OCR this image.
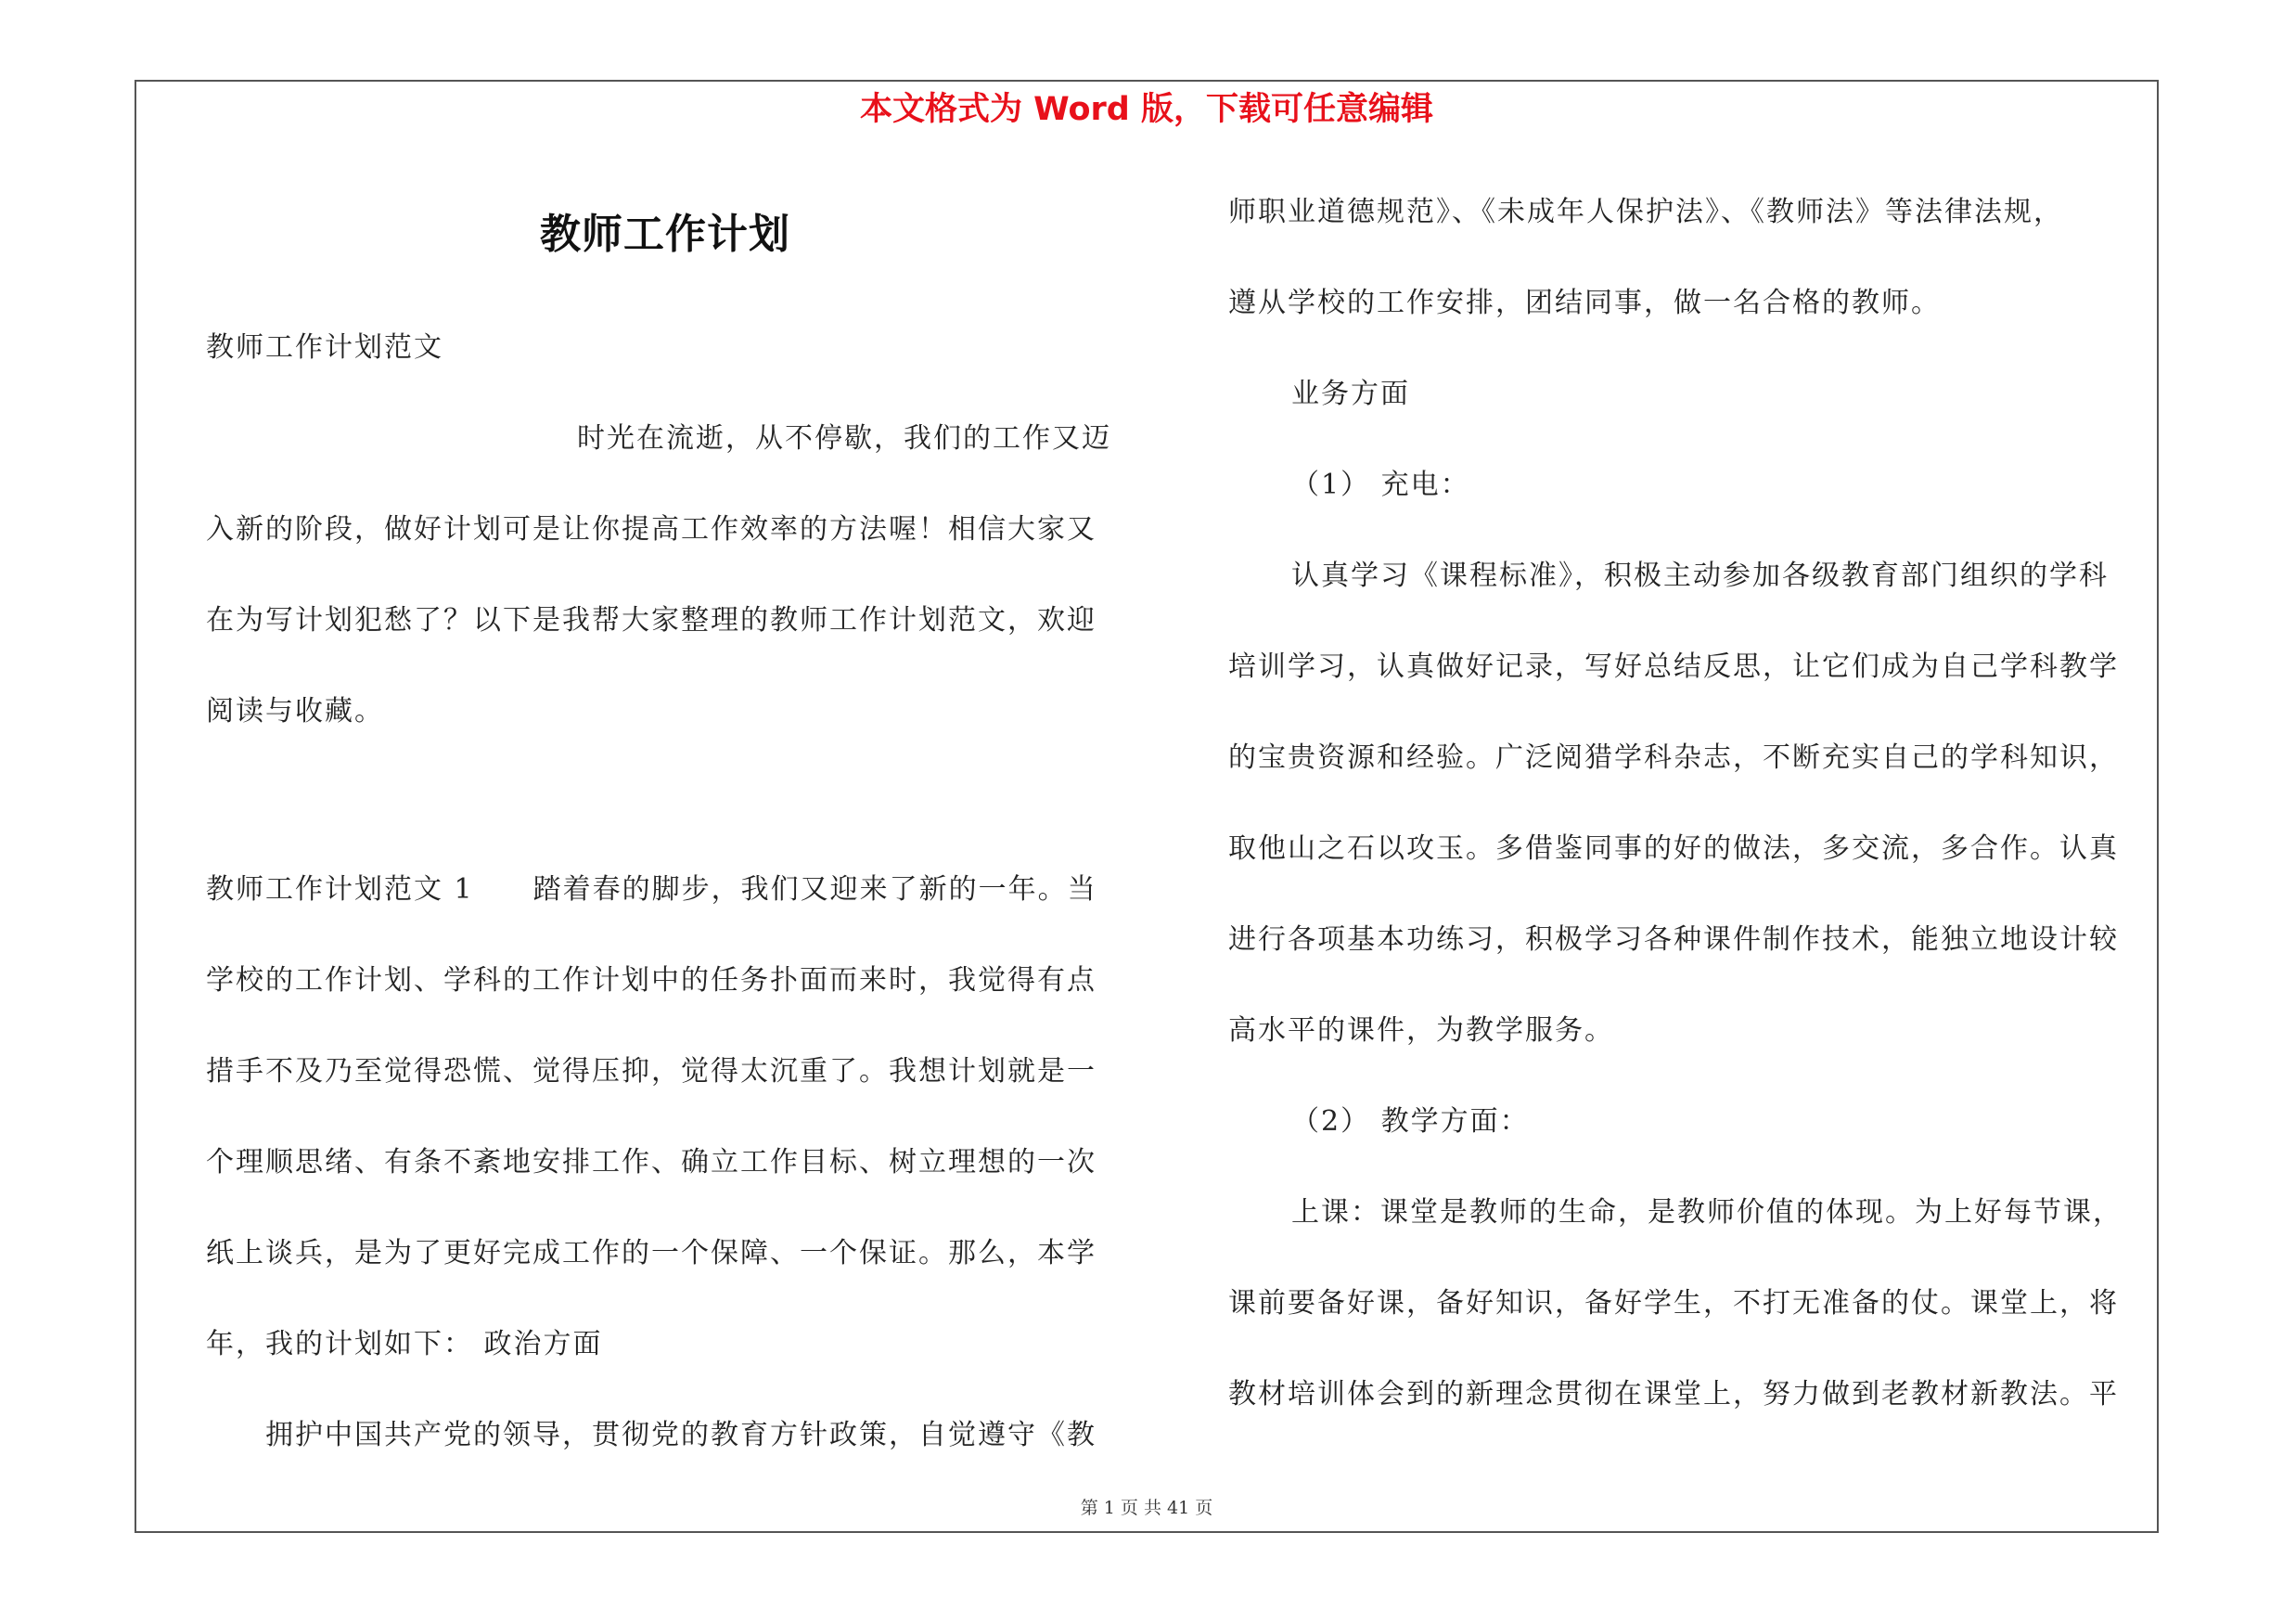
本文格式为 Word 版，下载可任意编辑
教师工作计划
教师工作计划范文
时光在流逝，从不停歇，我们的工作又迈
入新的阶段，做好计划可是让你提高工作效率的方法喔！相信大家又
在为写计划犯愁了？以下是我帮大家整理的教师工作计划范文，欢迎
阅读与收藏。
教师工作计划范文 1　　踏着春的脚步，我们又迎来了新的一年。当
学校的工作计划、学科的工作计划中的任务扑面而来时，我觉得有点
措手不及乃至觉得恐慌、觉得压抑，觉得太沉重了。我想计划就是一
个理顺思绪、有条不紊地安排工作、确立工作目标、树立理想的一次
纸上谈兵，是为了更好完成工作的一个保障、一个保证。那么，本学
年，我的计划如下： 政治方面
拥护中国共产党的领导，贯彻党的教育方针政策，自觉遵守《教
师职业道德规范》、《未成年人保护法》、《教师法》等法律法规，
遵从学校的工作安排，团结同事，做一名合格的教师。
业务方面
（1） 充电：
认真学习《课程标准》，积极主动参加各级教育部门组织的学科
培训学习，认真做好记录，写好总结反思，让它们成为自己学科教学
的宝贵资源和经验。广泛阅猎学科杂志，不断充实自己的学科知识，
取他山之石以攻玉。多借鉴同事的好的做法，多交流，多合作。认真
进行各项基本功练习，积极学习各种课件制作技术，能独立地设计较
高水平的课件，为教学服务。
（2） 教学方面：
上课：课堂是教师的生命，是教师价值的体现。为上好每节课，
课前要备好课，备好知识，备好学生，不打无准备的仗。课堂上，将
教材培训体会到的新理念贯彻在课堂上，努力做到老教材新教法。平
第 1 页 共 41 页
